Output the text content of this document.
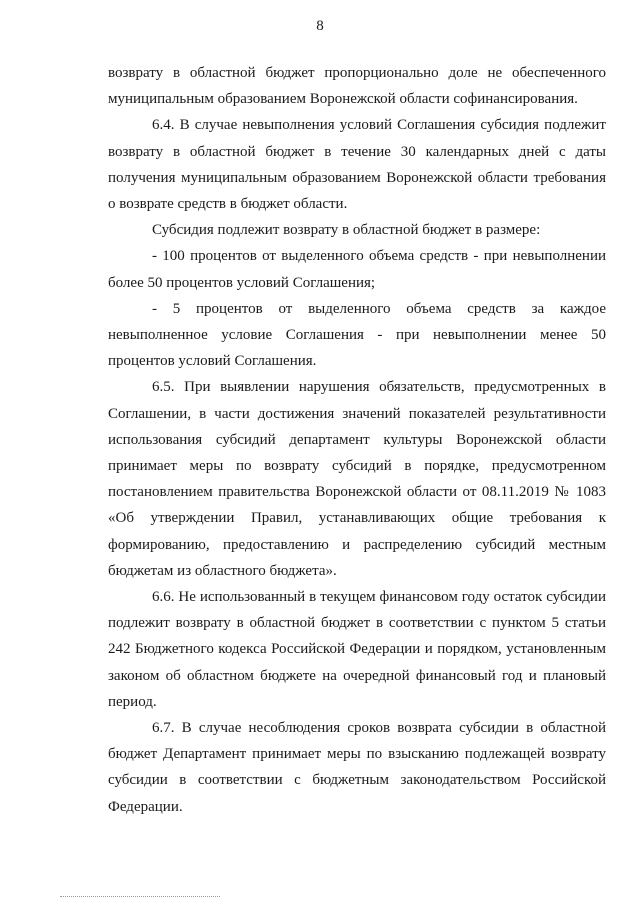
8

возврату в областной бюджет пропорционально доле не обеспеченного муниципальным образованием Воронежской области софинансирования.

6.4. В случае невыполнения условий Соглашения субсидия подлежит возврату в областной бюджет в течение 30 календарных дней с даты получения муниципальным образованием Воронежской области требования о возврате средств в бюджет области.

Субсидия подлежит возврату в областной бюджет в размере:

- 100 процентов от выделенного объема средств - при невыполнении более 50 процентов условий Соглашения;

- 5 процентов от выделенного объема средств за каждое невыполненное условие Соглашения - при невыполнении менее 50 процентов условий Соглашения.

6.5. При выявлении нарушения обязательств, предусмотренных в Соглашении, в части достижения значений показателей результативности использования субсидий департамент культуры Воронежской области принимает меры по возврату субсидий в порядке, предусмотренном постановлением правительства Воронежской области от 08.11.2019 № 1083 «Об утверждении Правил, устанавливающих общие требования к формированию, предоставлению и распределению субсидий местным бюджетам из областного бюджета».

6.6. Не использованный в текущем финансовом году остаток субсидии подлежит возврату в областной бюджет в соответствии с пунктом 5 статьи 242 Бюджетного кодекса Российской Федерации и порядком, установленным законом об областном бюджете на очередной финансовый год и плановый период.

6.7. В случае несоблюдения сроков возврата субсидии в областной бюджет Департамент принимает меры по взысканию подлежащей возврату субсидии в соответствии с бюджетным законодательством Российской Федерации.
